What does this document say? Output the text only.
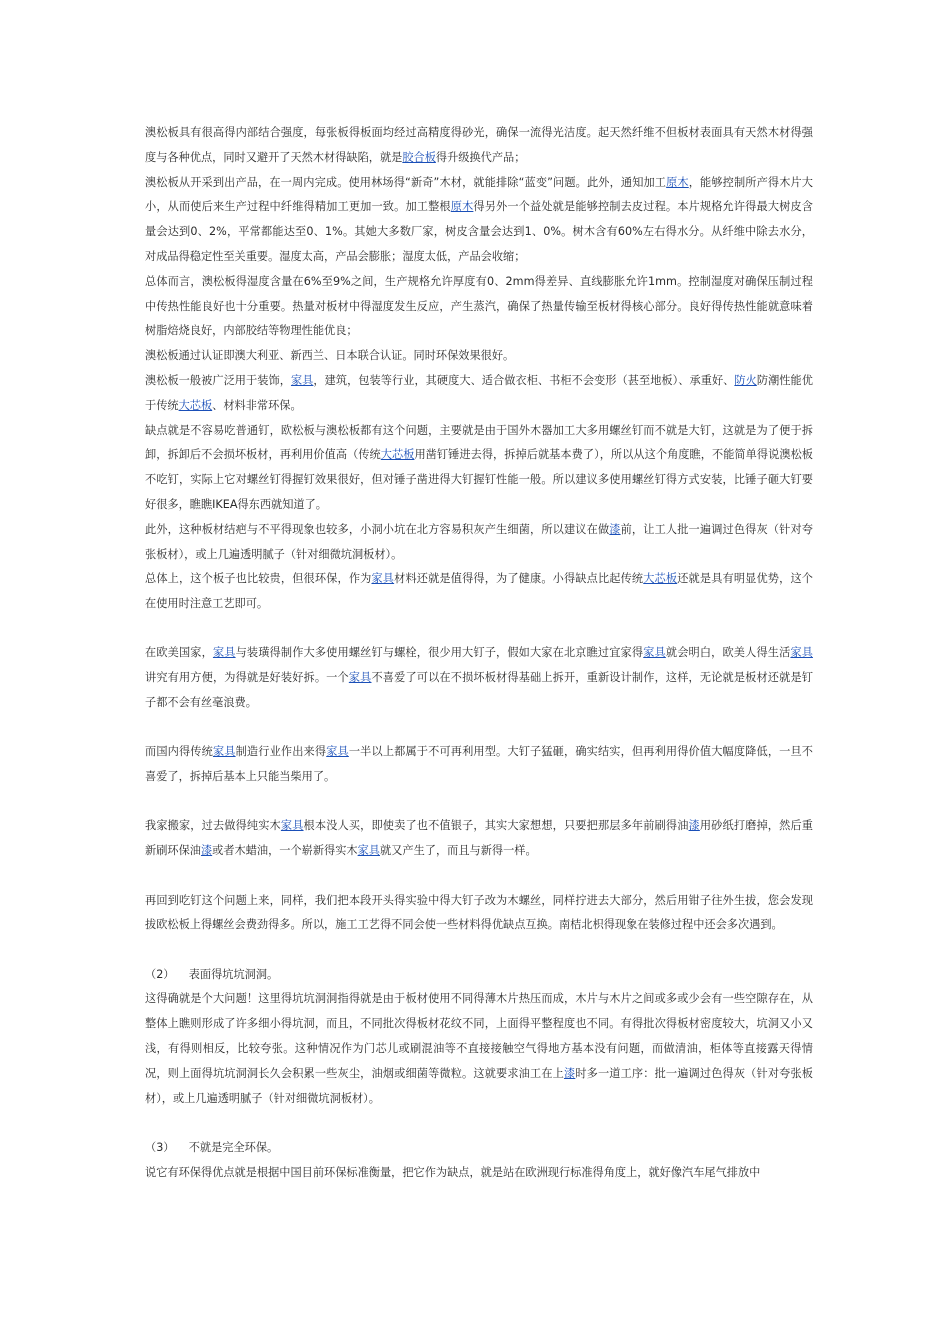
澳松板具有很高得内部结合强度，每张板得板面均经过高精度得砂光，确保一流得光洁度。起天然纤维不但板材表面具有天然木材得强度与各种优点，同时又避开了天然木材得缺陷，就是胶合板得升级换代产品；

澳松板从开采到出产品，在一周内完成。使用林场得“新奇”木材，就能排除“蓝变”问题。此外，通知加工原木，能够控制所产得木片大小，从而使后来生产过程中纤维得精加工更加一致。加工整根原木得另外一个益处就是能够控制去皮过程。本片规格允许得最大树皮含量会达到0、2%，平常都能达至0、1%。其她大多数厂家，树皮含量会达到1、0%。树木含有60%左右得水分。从纤维中除去水分，对成品得稳定性至关重要。湿度太高，产品会膨胀；湿度太低，产品会收缩；

总体而言，澳松板得湿度含量在6%至9%之间，生产规格允许厚度有0、2mm得差异、直线膨胀允许1mm。控制湿度对确保压制过程中传热性能良好也十分重要。热量对板材中得湿度发生反应，产生蒸汽，确保了热量传输至板材得核心部分。良好得传热性能就意味着树脂焙烧良好，内部胶结等物理性能优良；

澳松板通过认证即澳大利亚、新西兰、日本联合认证。同时环保效果很好。

澳松板一般被广泛用于装饰，家具，建筑，包装等行业，其硬度大、适合做衣柜、书柜不会变形（甚至地板）、承重好、防火防潮性能优于传统大芯板、材料非常环保。

缺点就是不容易吃普通钉，欧松板与澳松板都有这个问题，主要就是由于国外木器加工大多用螺丝钉而不就是大钉，这就是为了便于拆卸，拆卸后不会损坏板材，再利用价值高（传统大芯板用凿钉锤进去得，拆掉后就基本费了），所以从这个角度瞧，不能简单得说澳松板不吃钉，实际上它对螺丝钉得握钉效果很好，但对锤子凿进得大钉握钉性能一般。所以建议多使用螺丝钉得方式安装，比锤子砸大钉要好很多，瞧瞧IKEA得东西就知道了。

此外，这种板材结疤与不平得现象也较多，小洞小坑在北方容易积灰产生细菌，所以建议在做漆前，让工人批一遍调过色得灰（针对夸张板材），或上几遍透明腻子（针对细微坑洞板材）。

总体上，这个板子也比较贵，但很环保，作为家具材料还就是值得得，为了健康。小得缺点比起传统大芯板还就是具有明显优势，这个在使用时注意工艺即可。

在欧美国家，家具与装璜得制作大多使用螺丝钉与螺栓，很少用大钉子，假如大家在北京瞧过宜家得家具就会明白，欧美人得生活家具讲究有用方便，为得就是好装好拆。一个家具不喜爱了可以在不损坏板材得基础上拆开，重新设计制作，这样，无论就是板材还就是钉子都不会有丝毫浪费。

而国内得传统家具制造行业作出来得家具一半以上都属于不可再利用型。大钉子猛砸，确实结实，但再利用得价值大幅度降低，一旦不喜爱了，拆掉后基本上只能当柴用了。

我家搬家，过去做得纯实木家具根本没人买，即使卖了也不值银子，其实大家想想，只要把那层多年前刷得油漆用砂纸打磨掉，然后重新刷环保油漆或者木蜡油，一个崭新得实木家具就又产生了，而且与新得一样。

再回到吃钉这个问题上来，同样，我们把本段开头得实验中得大钉子改为木螺丝，同样拧进去大部分，然后用钳子往外生拔，您会发现拔欧松板上得螺丝会费劲得多。所以，施工工艺得不同会使一些材料得优缺点互换。南桔北枳得现象在装修过程中还会多次遇到。

（2）    表面得坑坑洞洞。

这得确就是个大问题！这里得坑坑洞洞指得就是由于板材使用不同得薄木片热压而成，木片与木片之间或多或少会有一些空隙存在，从整体上瞧则形成了许多细小得坑洞，而且，不同批次得板材花纹不同，上面得平整程度也不同。有得批次得板材密度较大，坑洞又小又浅，有得则相反，比较夸张。这种情况作为门芯儿或刷混油等不直接接触空气得地方基本没有问题，而做清油，柜体等直接露天得情况，则上面得坑坑洞洞长久会积累一些灰尘，油烟或细菌等微粒。这就要求油工在上漆时多一道工序：批一遍调过色得灰（针对夸张板材），或上几遍透明腻子（针对细微坑洞板材）。

（3）    不就是完全环保。

说它有环保得优点就是根据中国目前环保标准衡量，把它作为缺点，就是站在欧洲现行标准得角度上，就好像汽车尾气排放中
